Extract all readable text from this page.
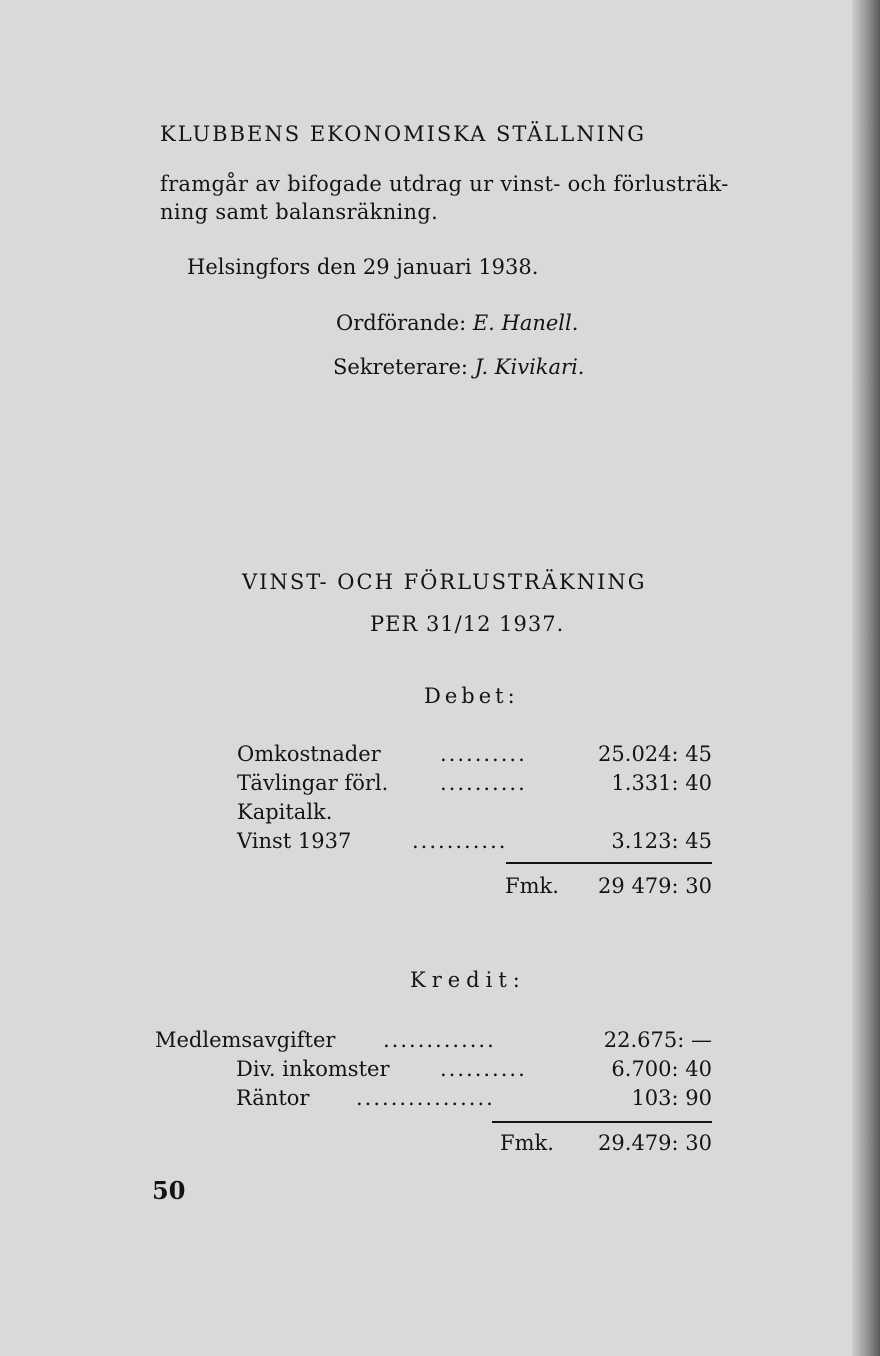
KLUBBENS EKONOMISKA STÄLLNING
framgår av bifogade utdrag ur vinst- och förlusträk-
ning samt balansräkning.
Helsingfors den 29 januari 1938.
Ordförande: E. Hanell.
Sekreterare: J. Kivikari.
VINST- OCH FÖRLUSTRÄKNING
PER 31/12 1937.
Debet:
Omkostnader	..........	25.024: 45
Tävlingar förl. ..........	1.331: 40
Kapitalk.
Vinst 1937	...........	3.123: 45
Fmk.	29 479: 30
Kredit:
Medlemsavgifter .............	22.675: —
Div. inkomster ..........	6.700: 40
Räntor ................	103: 90
Fmk.	29.479: 30
50
